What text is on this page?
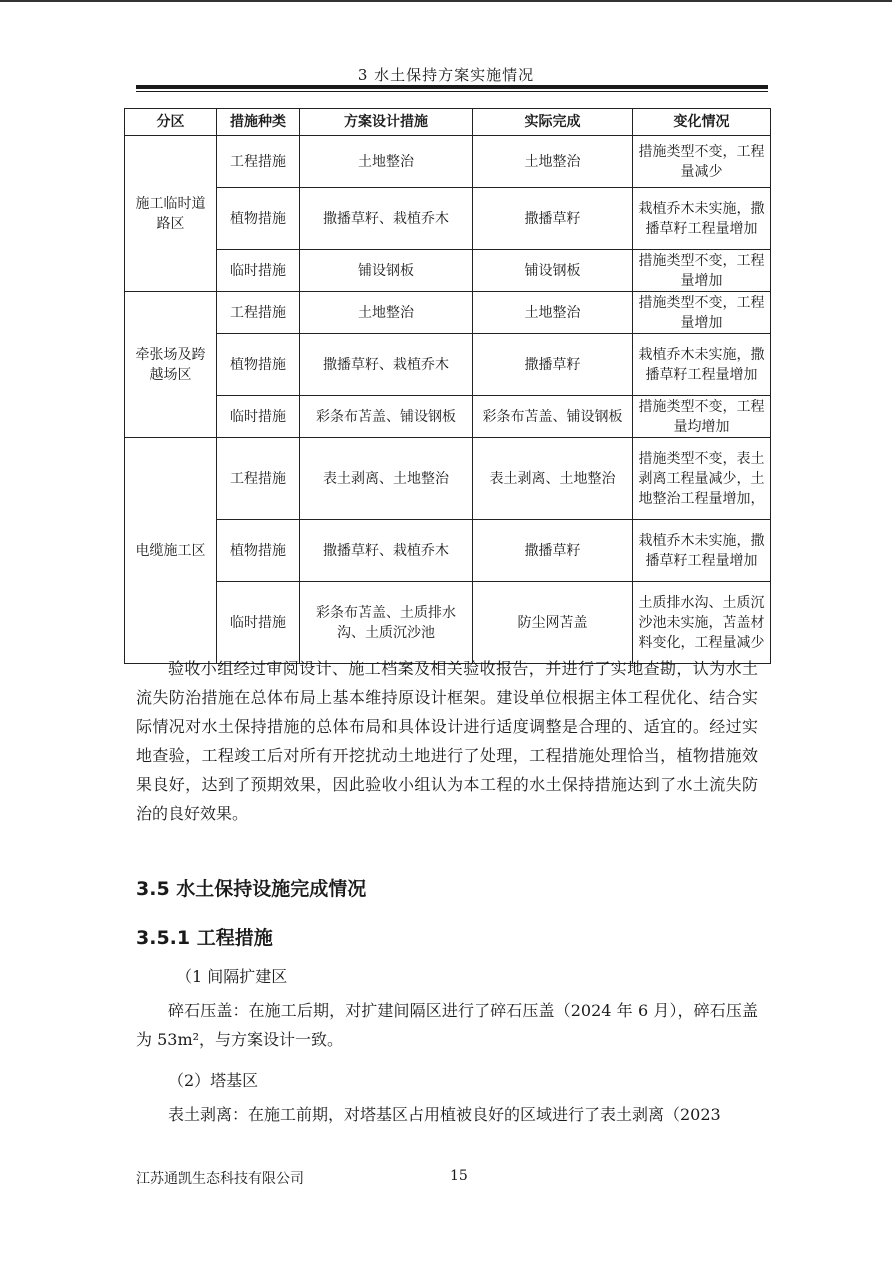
3 水土保持方案实施情况
分区	措施种类	方案设计措施	实际完成	变化情况
施工临时道路区	工程措施	土地整治	土地整治	措施类型不变，工程量减少
	植物措施	撒播草籽、栽植乔木	撒播草籽	栽植乔木未实施，撒播草籽工程量增加
	临时措施	铺设钢板	铺设钢板	措施类型不变，工程量增加
牵张场及跨越场区	工程措施	土地整治	土地整治	措施类型不变，工程量增加
	植物措施	撒播草籽、栽植乔木	撒播草籽	栽植乔木未实施，撒播草籽工程量增加
	临时措施	彩条布苫盖、铺设钢板	彩条布苫盖、铺设钢板	措施类型不变，工程量均增加
电缆施工区	工程措施	表土剥离、土地整治	表土剥离、土地整治	措施类型不变，表土剥离工程量减少，土地整治工程量增加，
	植物措施	撒播草籽、栽植乔木	撒播草籽	栽植乔木未实施，撒播草籽工程量增加
	临时措施	彩条布苫盖、土质排水沟、土质沉沙池	防尘网苫盖	土质排水沟、土质沉沙池未实施，苫盖材料变化，工程量减少
验收小组经过审阅设计、施工档案及相关验收报告，并进行了实地查勘，认为水土流失防治措施在总体布局上基本维持原设计框架。建设单位根据主体工程优化、结合实际情况对水土保持措施的总体布局和具体设计进行适度调整是合理的、适宜的。经过实地查验，工程竣工后对所有开挖扰动土地进行了处理，工程措施处理恰当，植物措施效果良好，达到了预期效果，因此验收小组认为本工程的水土保持措施达到了水土流失防治的良好效果。
3.5 水土保持设施完成情况
3.5.1 工程措施
（1 间隔扩建区
碎石压盖：在施工后期，对扩建间隔区进行了碎石压盖（2024 年 6 月），碎石压盖为 53m²，与方案设计一致。
（2）塔基区
表土剥离：在施工前期，对塔基区占用植被良好的区域进行了表土剥离（2023
江苏通凯生态科技有限公司	15
